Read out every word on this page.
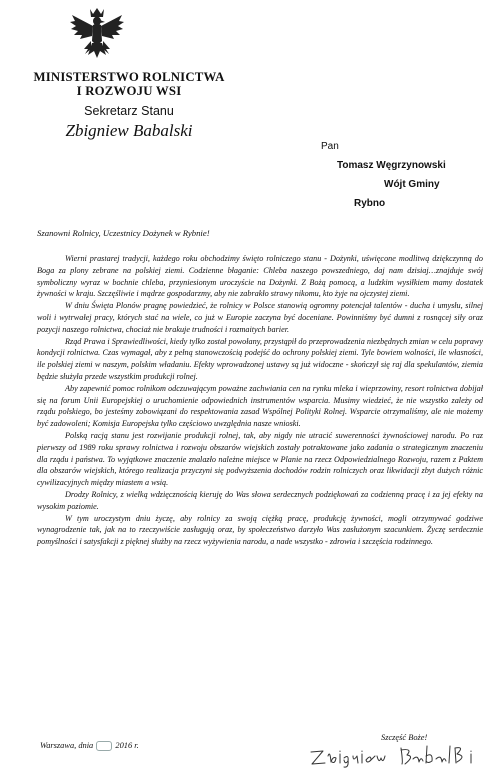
MINISTERSTWO ROLNICTWA
I ROZWOJU WSI
Sekretarz Stanu
Zbigniew Babalski
Pan
Tomasz Węgrzynowski
Wójt Gminy
Rybno
Szanowni Rolnicy, Uczestnicy Dożynek w Rybnie!

Wierni prastarej tradycji, każdego roku obchodzimy święto rolniczego stanu - Dożynki, uświęcone modlitwą dziękczynną do Boga za plony zebrane na polskiej ziemi. Codzienne błaganie: Chleba naszego powszedniego, daj nam dzisiaj…znajduje swój symboliczny wyraz w bochnie chleba, przyniesionym uroczyście na Dożynki. Z Bożą pomocą, a ludzkim wysiłkiem mamy dostatek żywności w kraju. Szczęśliwie i mądrze gospodarzmy, aby nie zabrakło strawy nikomu, kto żyje na ojczystej ziemi.

W dniu Święta Plonów pragnę powiedzieć, że rolnicy w Polsce stanowią ogromny potencjał talentów - ducha i umysłu, silnej woli i wytrwałej pracy, których stać na wiele, co już w Europie zaczyna być doceniane. Powinniśmy być dumni z rosnącej siły oraz pozycji naszego rolnictwa, chociaż nie brakuje trudności i rozmaitych barier.

Rząd Prawa i Sprawiedliwości, kiedy tylko został powołany, przystąpił do przeprowadzenia niezbędnych zmian w celu poprawy kondycji rolnictwa. Czas wymagał, aby z pełną stanowczością podejść do ochrony polskiej ziemi. Tyle bowiem wolności, ile własności, ile polskiej ziemi w naszym, polskim władaniu. Efekty wprowadzonej ustawy są już widoczne - skończył się raj dla spekulantów, ziemia będzie służyła przede wszystkim produkcji rolnej.

Aby zapewnić pomoc rolnikom odczuwającym poważne zachwiania cen na rynku mleka i wieprzowiny, resort rolnictwa dobijał się na forum Unii Europejskiej o uruchomienie odpowiednich instrumentów wsparcia. Musimy wiedzieć, że nie wszystko zależy od rządu polskiego, bo jesteśmy zobowiązani do respektowania zasad Wspólnej Polityki Rolnej. Wsparcie otrzymaliśmy, ale nie możemy być zadowoleni; Komisja Europejska tylko częściowo uwzględnia nasze wnioski.

Polską racją stanu jest rozwijanie produkcji rolnej, tak, aby nigdy nie utracić suwerenności żywnościowej narodu. Po raz pierwszy od 1989 roku sprawy rolnictwa i rozwoju obszarów wiejskich zostały potraktowane jako zadania o strategicznym znaczeniu dla rządu i państwa. To wyjątkowe znaczenie znalazło należne miejsce w Planie na rzecz Odpowiedzialnego Rozwoju, razem z Paktem dla obszarów wiejskich, którego realizacja przyczyni się podwyższenia dochodów rodzin rolniczych oraz likwidacji zbyt dużych różnic cywilizacyjnych między miastem a wsią.

Drodzy Rolnicy, z wielką wdzięcznością kieruję do Was słowa serdecznych podziękowań za codzienną pracę i za jej efekty na wysokim poziomie.

W tym uroczystym dniu życzę, aby rolnicy za swoją ciężką pracę, produkcję żywności, mogli otrzymywać godziwe wynagrodzenie tak, jak na to rzeczywiście zasługują oraz, by społeczeństwo darzyło Was zasłużonym szacunkiem. Życzę serdecznie pomyślności i satysfakcji z pięknej służby na rzecz wyżywienia narodu, a nade wszystko - zdrowia i szczęścia rodzinnego.

Warszawa, dnia	2016 r.
Szczęść Boże!
